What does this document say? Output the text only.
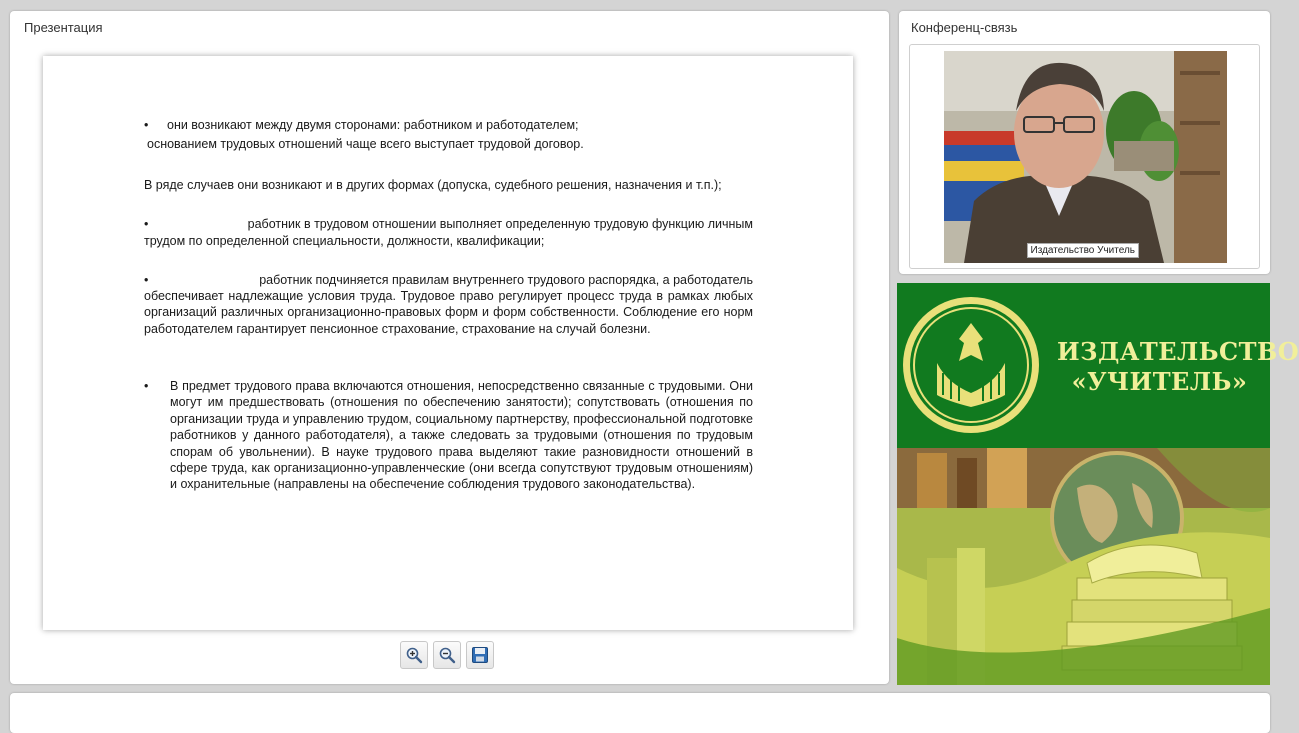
Презентация
• они возникают между двумя сторонами: работником и работодателем;
основанием трудовых отношений чаще всего выступает трудовой договор.
В ряде случаев они возникают и в других формах (допуска, судебного решения, назначения и т.п.);
•	работник в трудовом отношении выполняет определенную трудовую функцию личным
трудом по определенной специальности, должности, квалификации;
•	работник подчиняется правилам внутреннего трудового распорядка, а работодатель
обеспечивает надлежащие условия труда. Трудовое право регулирует процесс труда в рамках любых организаций различных организационно-правовых форм и форм собственности. Соблюдение его норм работодателем гарантирует пенсионное страхование, страхование на случай болезни.
• В предмет трудового права включаются отношения, непосредственно связанные с трудовыми. Они могут им предшествовать (отношения по обеспечению занятости); сопутствовать (отношения по организации труда и управлению трудом, социальному партнерству, профессиональной подготовке работников у данного работодателя), а также следовать за трудовыми (отношения по трудовым спорам об увольнении). В науке трудового права выделяют такие разновидности отношений в сфере труда, как организационно-управленческие (они всегда сопутствуют трудовым отношениям) и охранительные (направлены на обеспечение соблюдения трудового законодательства).
Конференц-связь
Издательство Учитель
ИЗДАТЕЛЬСТВО
«УЧИТЕЛЬ»
